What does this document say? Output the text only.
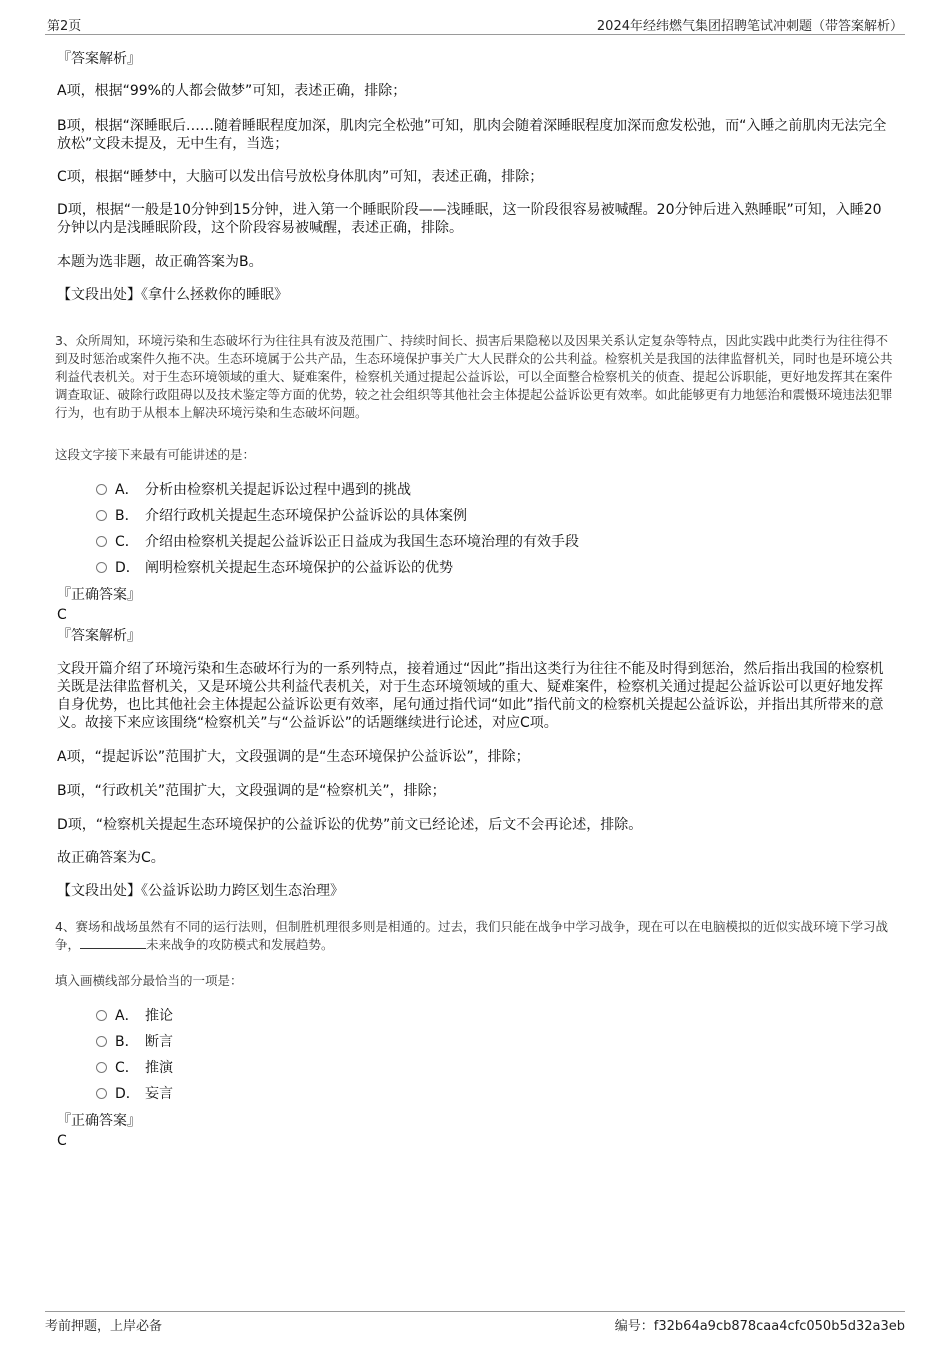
第2页	2024年经纬燃气集团招聘笔试冲刺题（带答案解析）
『答案解析』
A项，根据“99%的人都会做梦”可知，表述正确，排除；
B项，根据“深睡眠后……随着睡眠程度加深，肌肉完全松弛”可知，肌肉会随着深睡眠程度加深而愈发松弛，而“入睡之前肌肉无法完全放松”文段未提及，无中生有，当选；
C项，根据“睡梦中，大脑可以发出信号放松身体肌肉”可知，表述正确，排除；
D项，根据“一般是10分钟到15分钟，进入第一个睡眠阶段——浅睡眠，这一阶段很容易被喊醒。20分钟后进入熟睡眠”可知，入睡20分钟以内是浅睡眠阶段，这个阶段容易被喊醒，表述正确，排除。
本题为选非题，故正确答案为B。
【文段出处】《拿什么拯救你的睡眠》
3、众所周知，环境污染和生态破坏行为往往具有波及范围广、持续时间长、损害后果隐秘以及因果关系认定复杂等特点，因此实践中此类行为往往得不到及时惩治或案件久拖不决。生态环境属于公共产品，生态环境保护事关广大人民群众的公共利益。检察机关是我国的法律监督机关，同时也是环境公共利益代表机关。对于生态环境领域的重大、疑难案件，检察机关通过提起公益诉讼，可以全面整合检察机关的侦查、提起公诉职能，更好地发挥其在案件调查取证、破除行政阻碍以及技术鉴定等方面的优势，较之社会组织等其他社会主体提起公益诉讼更有效率。如此能够更有力地惩治和震慑环境违法犯罪行为，也有助于从根本上解决环境污染和生态破坏问题。
这段文字接下来最有可能讲述的是：
A． 分析由检察机关提起诉讼过程中遇到的挑战
B． 介绍行政机关提起生态环境保护公益诉讼的具体案例
C． 介绍由检察机关提起公益诉讼正日益成为我国生态环境治理的有效手段
D． 阐明检察机关提起生态环境保护的公益诉讼的优势
『正确答案』
C
『答案解析』
文段开篇介绍了环境污染和生态破坏行为的一系列特点，接着通过“因此”指出这类行为往往不能及时得到惩治，然后指出我国的检察机关既是法律监督机关，又是环境公共利益代表机关，对于生态环境领域的重大、疑难案件，检察机关通过提起公益诉讼可以更好地发挥自身优势，也比其他社会主体提起公益诉讼更有效率，尾句通过指代词“如此”指代前文的检察机关提起公益诉讼，并指出其所带来的意义。故接下来应该围绕“检察机关”与“公益诉讼”的话题继续进行论述，对应C项。
A项，“提起诉讼”范围扩大，文段强调的是“生态环境保护公益诉讼”，排除；
B项，“行政机关”范围扩大，文段强调的是“检察机关”，排除；
D项，“检察机关提起生态环境保护的公益诉讼的优势”前文已经论述，后文不会再论述，排除。
故正确答案为C。
【文段出处】《公益诉讼助力跨区划生态治理》
4、赛场和战场虽然有不同的运行法则，但制胜机理很多则是相通的。过去，我们只能在战争中学习战争，现在可以在电脑模拟的近似实战环境下学习战争，	未来战争的攻防模式和发展趋势。
填入画横线部分最恰当的一项是：
A． 推论
B． 断言
C． 推演
D． 妄言
『正确答案』
C
考前押题，上岸必备	编号：f32b64a9cb878caa4cfc050b5d32a3eb
